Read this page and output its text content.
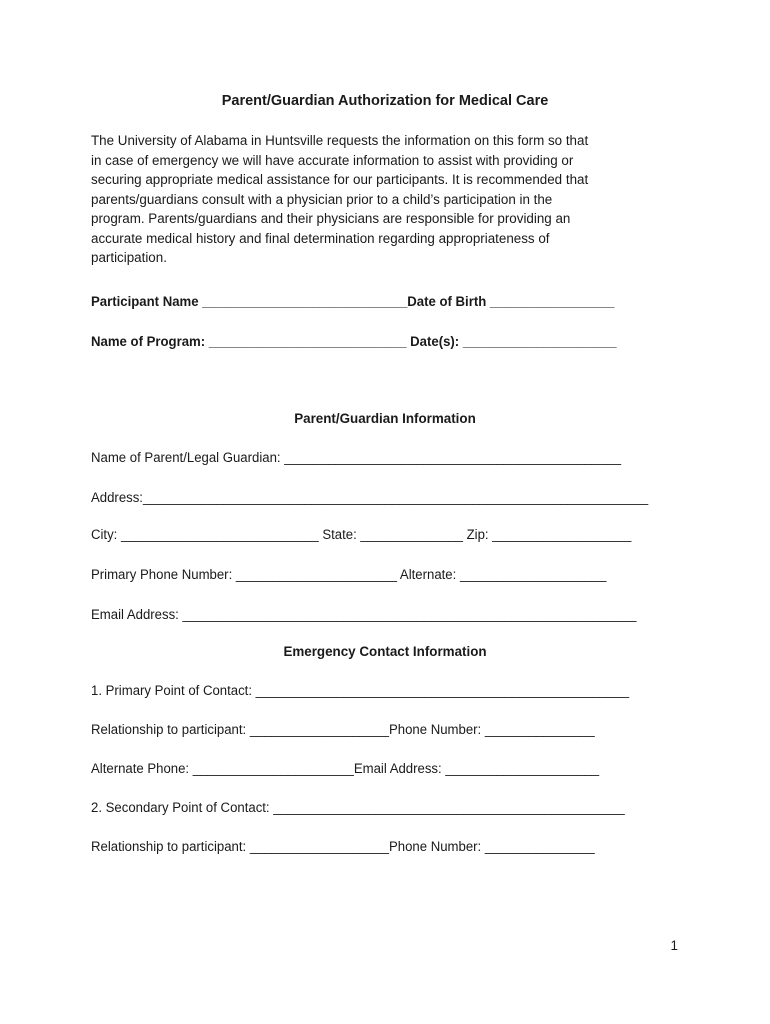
Parent/Guardian Authorization for Medical Care

The University of Alabama in Huntsville requests the information on this form so that
in case of emergency we will have accurate information to assist with providing or
securing appropriate medical assistance for our participants. It is recommended that
parents/guardians consult with a physician prior to a child’s participation in the
program. Parents/guardians and their physicians are responsible for providing an
accurate medical history and final determination regarding appropriateness of
participation.

Participant Name ____________________________Date of Birth _________________

Name of Program: ___________________________ Date(s): _____________________

Parent/Guardian Information

Name of Parent/Legal Guardian: ______________________________________________

Address:_____________________________________________________________________

City: ___________________________ State: ______________ Zip: ___________________

Primary Phone Number: ______________________ Alternate: ____________________

Email Address: ______________________________________________________________

Emergency Contact Information

1. Primary Point of Contact: ___________________________________________________

Relationship to participant: ___________________Phone Number: _______________

Alternate Phone: ______________________Email Address: _____________________

2. Secondary Point of Contact: ________________________________________________

Relationship to participant: ___________________Phone Number: _______________

1
